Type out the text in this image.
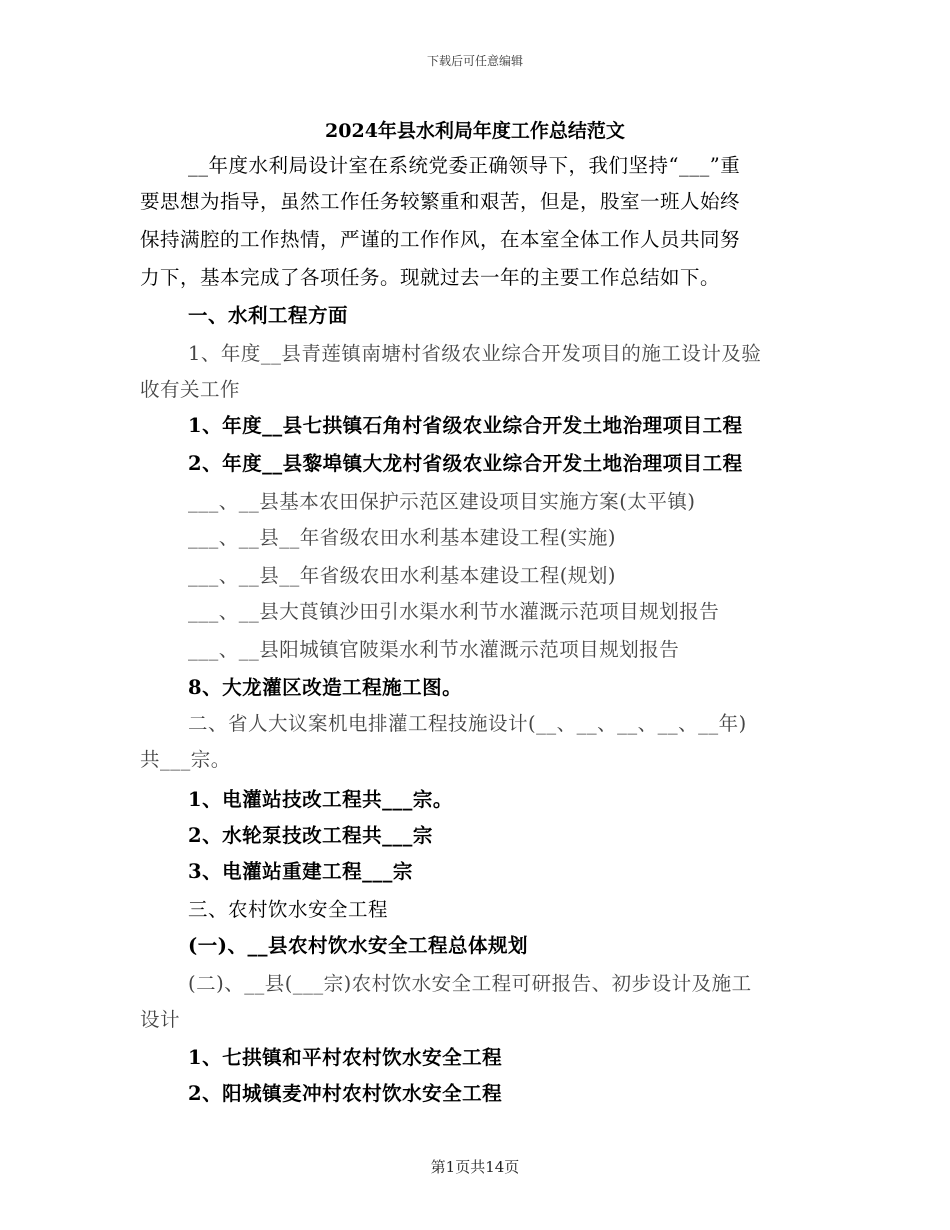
下载后可任意编辑
2024年县水利局年度工作总结范文
__年度水利局设计室在系统党委正确领导下，我们坚持“___”重
要思想为指导，虽然工作任务较繁重和艰苦，但是，股室一班人始终
保持满腔的工作热情，严谨的工作作风，在本室全体工作人员共同努
力下，基本完成了各项任务。现就过去一年的主要工作总结如下。
一、水利工程方面
1、年度__县青莲镇南塘村省级农业综合开发项目的施工设计及验
收有关工作
1、年度__县七拱镇石角村省级农业综合开发土地治理项目工程
2、年度__县黎埠镇大龙村省级农业综合开发土地治理项目工程
___、__县基本农田保护示范区建设项目实施方案(太平镇)
___、__县__年省级农田水利基本建设工程(实施)
___、__县__年省级农田水利基本建设工程(规划)
___、__县大莨镇沙田引水渠水利节水灌溉示范项目规划报告
___、__县阳城镇官陂渠水利节水灌溉示范项目规划报告
8、大龙灌区改造工程施工图。
二、省人大议案机电排灌工程技施设计(__、__、__、__、__年)
共___宗。
1、电灌站技改工程共___宗。
2、水轮泵技改工程共___宗
3、电灌站重建工程___宗
三、农村饮水安全工程
(一)、__县农村饮水安全工程总体规划
(二)、__县(___宗)农村饮水安全工程可研报告、初步设计及施工
设计
1、七拱镇和平村农村饮水安全工程
2、阳城镇麦冲村农村饮水安全工程
第1页共14页
